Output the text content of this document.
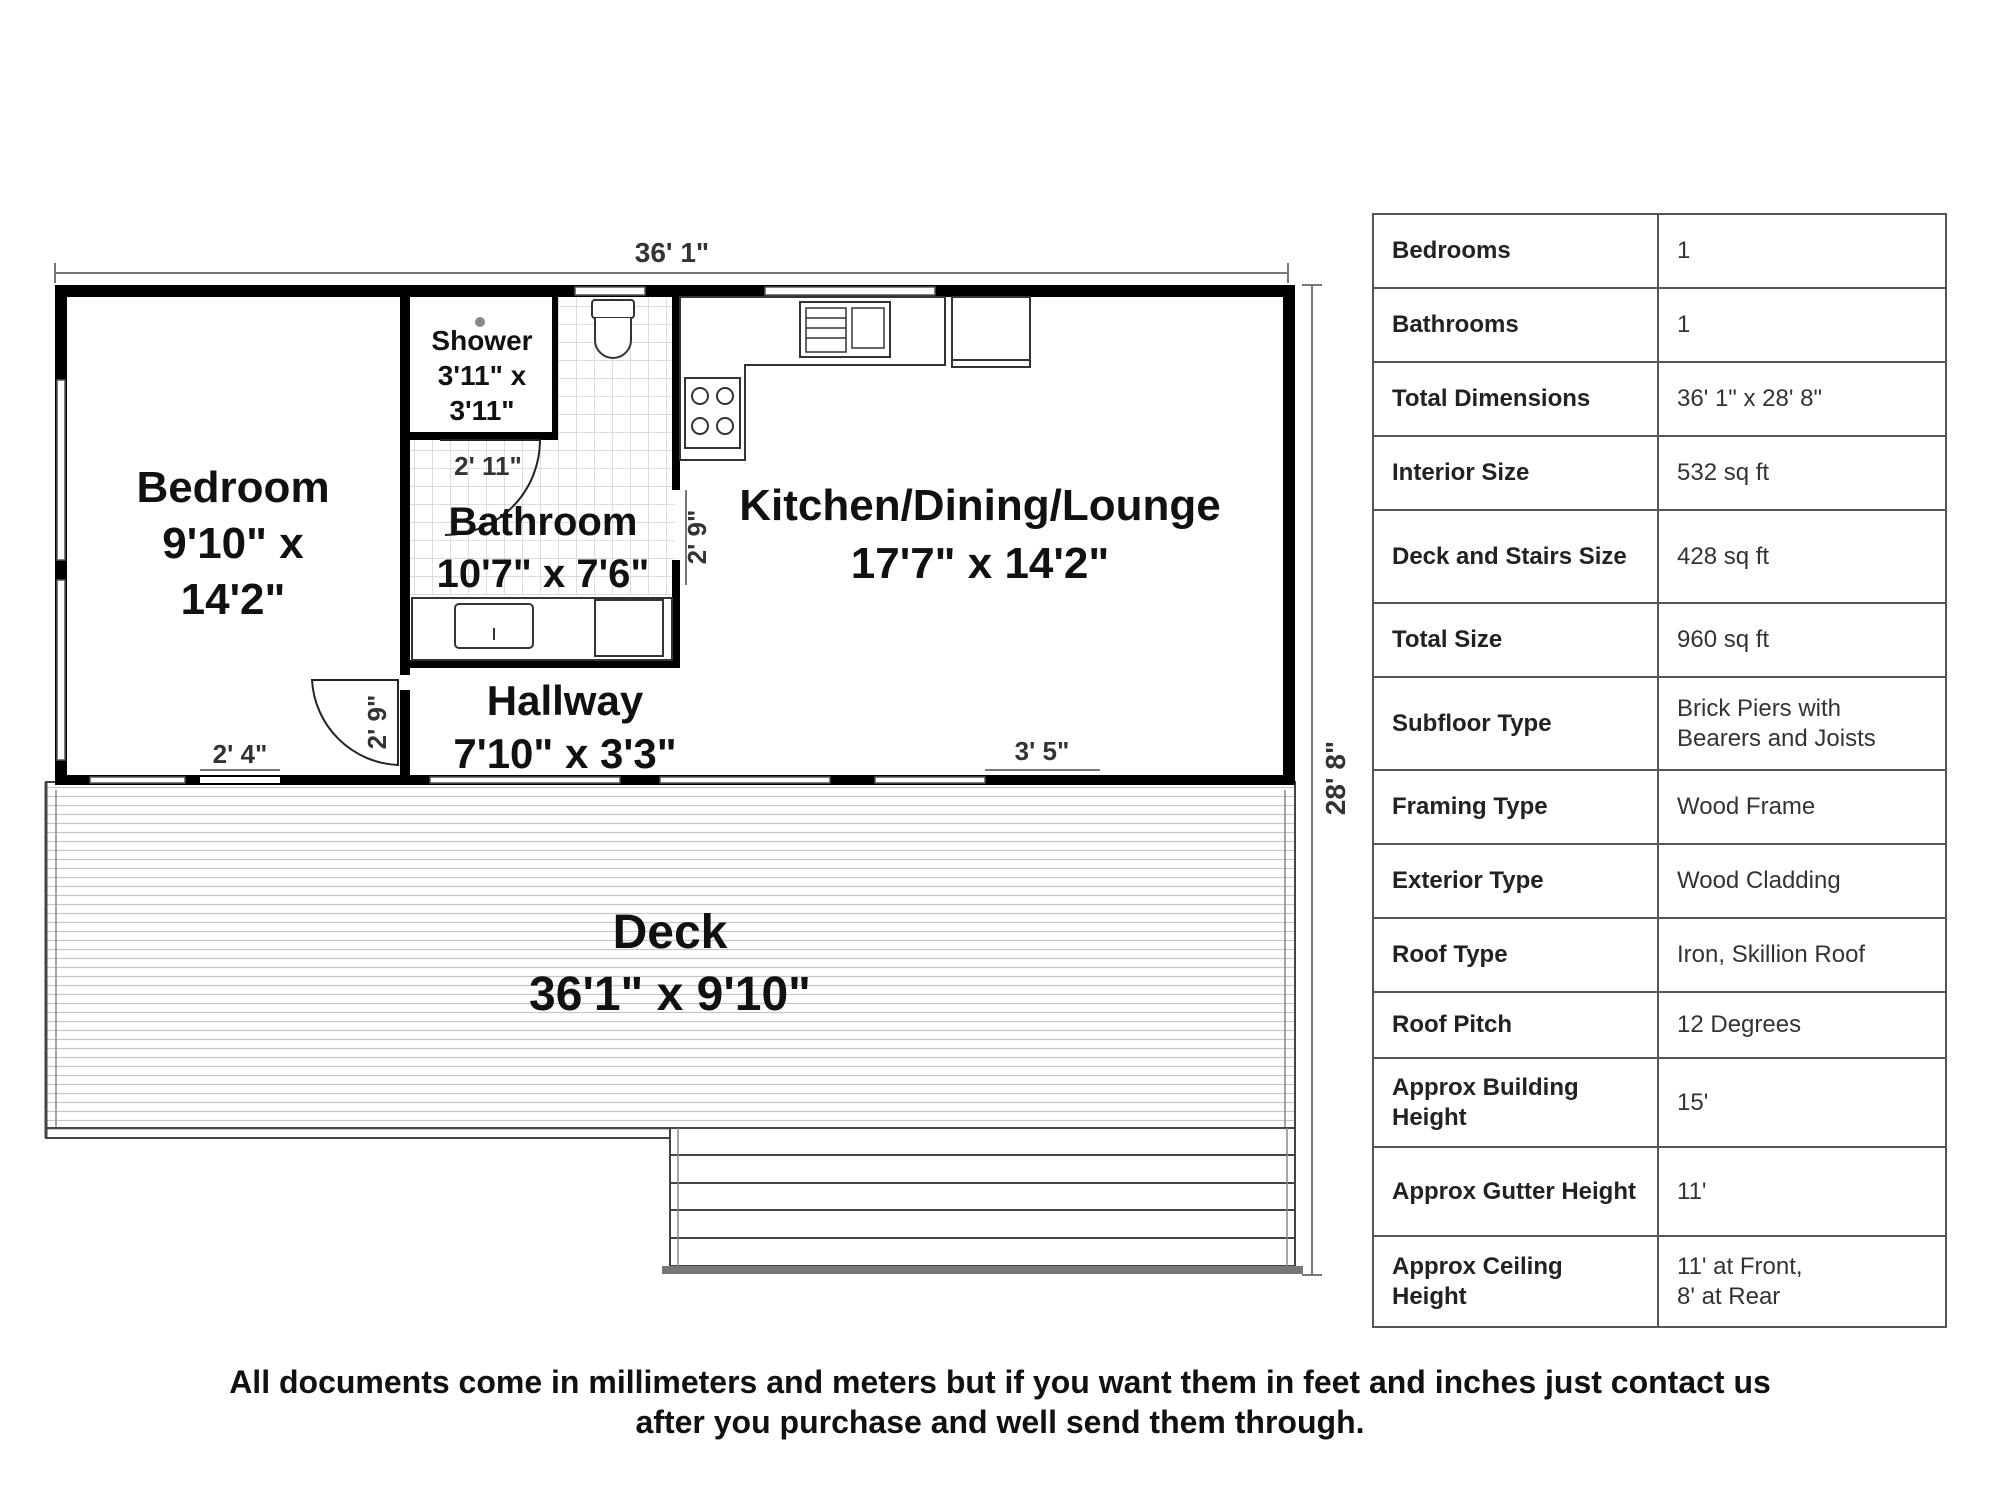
36' 1"
28' 8"
2' 4"
2' 9"
2' 11"
2' 9"
3' 5"
Shower
3'11" x
3'11"
Bedroom
9'10" x
14'2"
Bathroom
10'7" x 7'6"
Kitchen/Dining/Lounge
17'7" x 14'2"
Hallway
7'10" x 3'3"
Deck
36'1" x 9'10"
Bedrooms	1
Bathrooms	1
Total Dimensions	36' 1" x 28' 8"
Interior Size	532 sq ft
Deck and Stairs Size	428 sq ft
Total Size	960 sq ft
Subfloor Type	Brick Piers with Bearers and Joists
Framing Type	Wood Frame
Exterior Type	Wood Cladding
Roof Type	Iron, Skillion Roof
Roof Pitch	12 Degrees
Approx Building Height	15'
Approx Gutter Height	11'
Approx Ceiling Height	11' at Front,
8' at Rear
All documents come in millimeters and meters but if you want them in feet and inches just contact us
after you purchase and well send them through.
